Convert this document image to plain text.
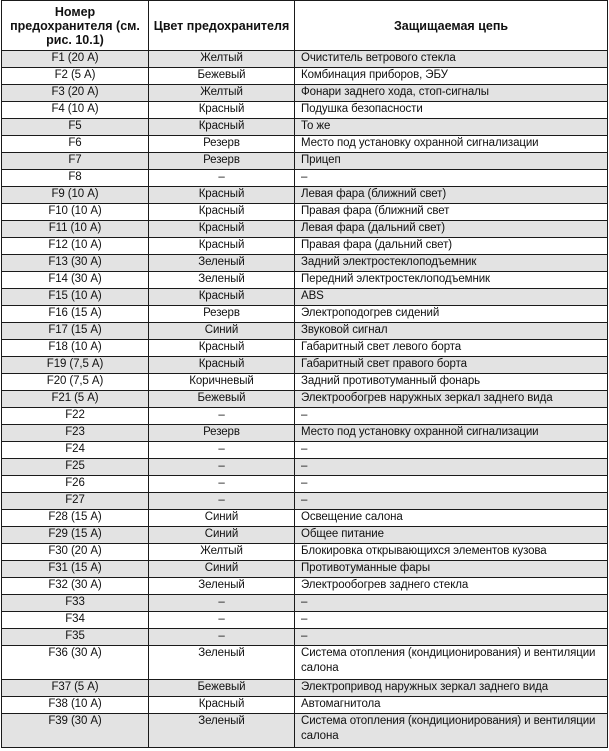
Номер предохранителя (см. рис. 10.1)	Цвет предохранителя	Защищаемая цепь
F1 (20 А)	Желтый	Очиститель ветрового стекла
F2 (5 А)	Бежевый	Комбинация приборов, ЭБУ
F3 (20 А)	Желтый	Фонари заднего хода, стоп-сигналы
F4 (10 А)	Красный	Подушка безопасности
F5	Красный	То же
F6	Резерв	Место под установку охранной сигнализации
F7	Резерв	Прицеп
F8	–	–
F9 (10 А)	Красный	Левая фара (ближний свет)
F10 (10 А)	Красный	Правая фара (ближний свет
F11 (10 А)	Красный	Левая фара (дальний свет)
F12 (10 А)	Красный	Правая фара (дальний свет)
F13 (30 А)	Зеленый	Задний электростеклоподъемник
F14 (30 А)	Зеленый	Передний электростеклоподъемник
F15 (10 А)	Красный	ABS
F16 (15 А)	Резерв	Электроподогрев сидений
F17 (15 А)	Синий	Звуковой сигнал
F18 (10 А)	Красный	Габаритный свет левого борта
F19 (7,5 А)	Красный	Габаритный свет правого борта
F20 (7,5 А)	Коричневый	Задний противотуманный фонарь
F21 (5 А)	Бежевый	Электрообогрев наружных зеркал заднего вида
F22	–	–
F23	Резерв	Место под установку охранной сигнализации
F24	–	–
F25	–	–
F26	–	–
F27	–	–
F28 (15 А)	Синий	Освещение салона
F29 (15 А)	Синий	Общее питание
F30 (20 А)	Желтый	Блокировка открывающихся элементов кузова
F31 (15 А)	Синий	Противотуманные фары
F32 (30 А)	Зеленый	Электрообогрев заднего стекла
F33	–	–
F34	–	–
F35	–	–
F36 (30 А)	Зеленый	Система отопления (кондиционирования) и вентиляции салона
F37 (5 А)	Бежевый	Электропривод наружных зеркал заднего вида
F38 (10 А)	Красный	Автомагнитола
F39 (30 А)	Зеленый	Система отопления (кондиционирования) и вентиляции салона
